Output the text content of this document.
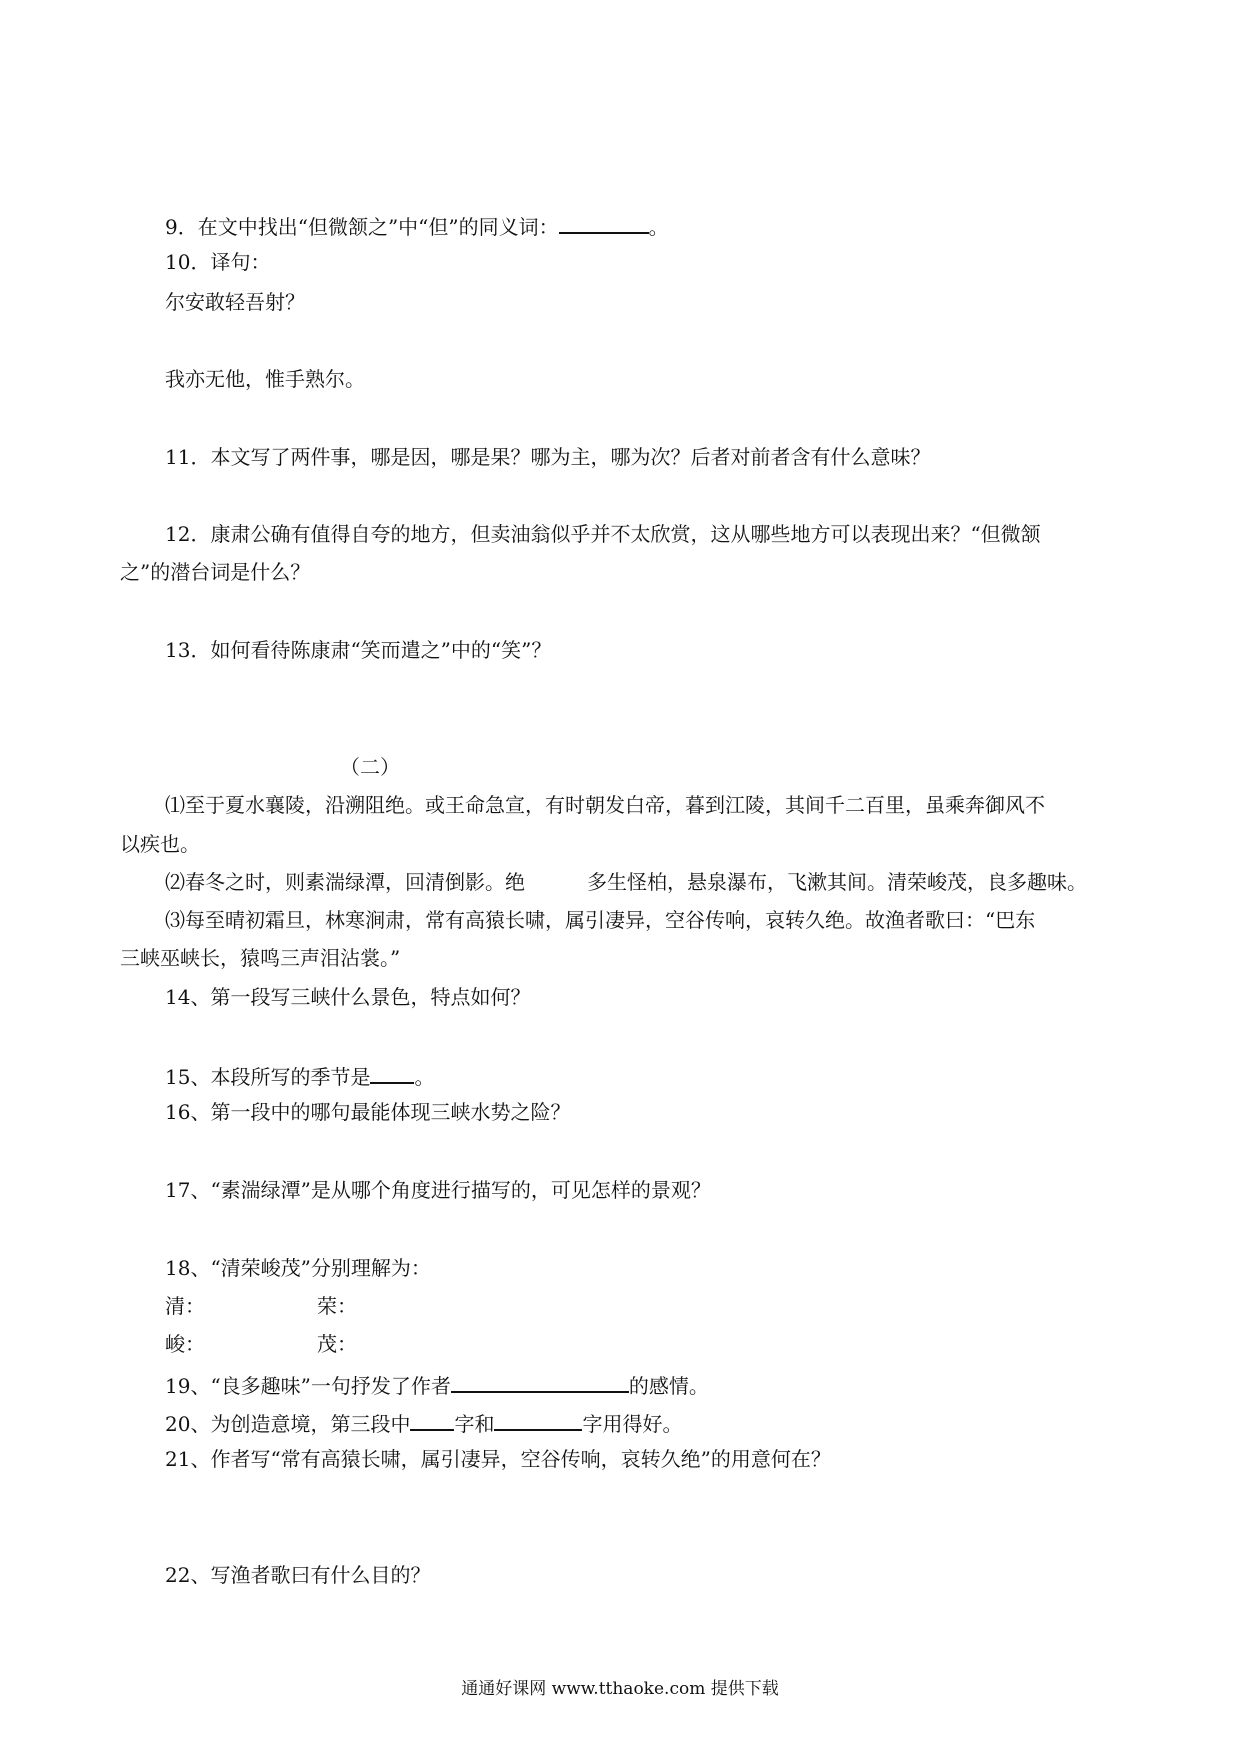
9．在文中找出“但微颔之”中“但”的同义词：	。
10．译句：
尔安敢轻吾射？
我亦无他，惟手熟尔。
11．本文写了两件事，哪是因，哪是果？哪为主，哪为次？后者对前者含有什么意味？
12．康肃公确有值得自夸的地方，但卖油翁似乎并不太欣赏，这从哪些地方可以表现出来？“但微颔
之”的潜台词是什么？
13．如何看待陈康肃“笑而遣之”中的“笑”？
（二）
⑴至于夏水襄陵，沿溯阻绝。或王命急宣，有时朝发白帝，暮到江陵，其间千二百里，虽乘奔御风不
以疾也。
⑵春冬之时，则素湍绿潭，回清倒影。绝	多生怪柏，悬泉瀑布，飞漱其间。清荣峻茂，良多趣味。
⑶每至晴初霜旦，林寒涧肃，常有高猿长啸，属引凄异，空谷传响，哀转久绝。故渔者歌曰：“巴东
三峡巫峡长，猿鸣三声泪沾裳。”
14、第一段写三峡什么景色，特点如何？
15、本段所写的季节是 。
16、第一段中的哪句最能体现三峡水势之险？
17、“素湍绿潭”是从哪个角度进行描写的，可见怎样的景观？
18、“清荣峻茂”分别理解为：
清：	荣：
峻：	茂：
19、“良多趣味”一句抒发了作者	的感情。
20、为创造意境，第三段中 字和	字用得好。
21、作者写“常有高猿长啸，属引凄异，空谷传响，哀转久绝”的用意何在？
22、写渔者歌曰有什么目的？
通通好课网 www.tthaoke.com 提供下载
